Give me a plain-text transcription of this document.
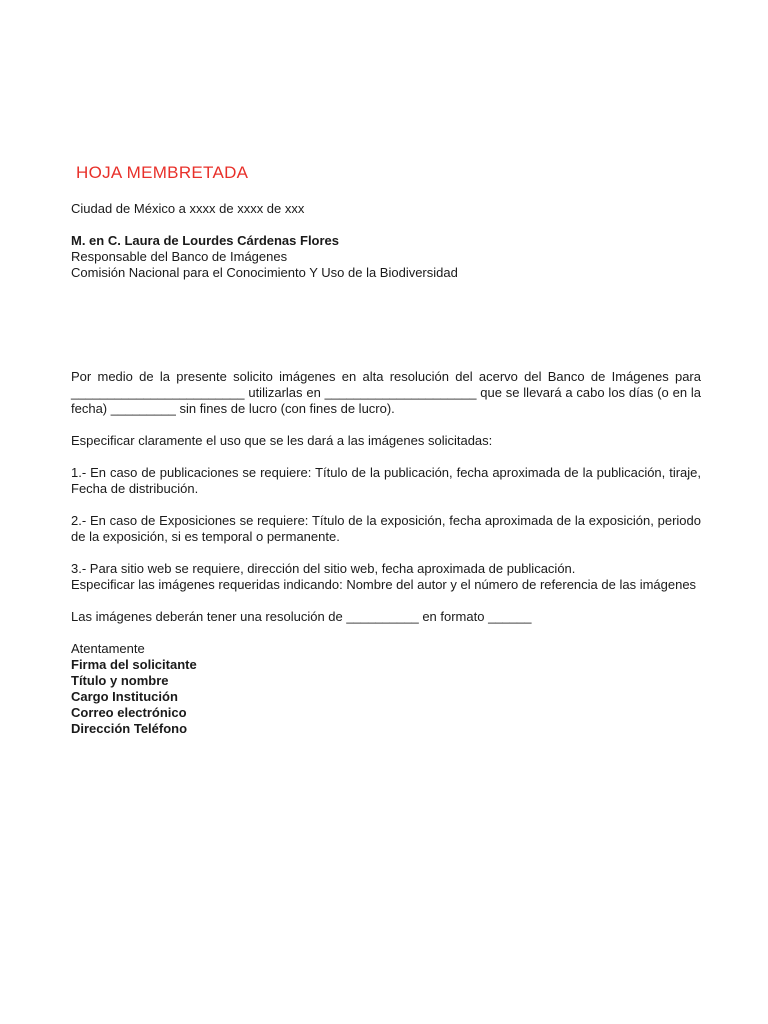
HOJA MEMBRETADA

Ciudad de México a xxxx de xxxx de xxx

M. en C. Laura de Lourdes Cárdenas Flores

Responsable del Banco de Imágenes

Comisión Nacional para el Conocimiento Y Uso de la Biodiversidad

Por medio de la presente solicito imágenes en alta resolución del acervo del Banco de Imágenes para ________________________ utilizarlas en _____________________ que se llevará a cabo los días (o en la fecha) _________ sin fines de lucro (con fines de lucro).

Especificar claramente el uso que se les dará a las imágenes solicitadas:

1.- En caso de publicaciones se requiere: Título de la publicación, fecha aproximada de la publicación, tiraje, Fecha de distribución.

2.- En caso de Exposiciones se requiere: Título de la exposición, fecha aproximada de la exposición, periodo de la exposición, si es temporal o permanente.

3.- Para sitio web se requiere, dirección del sitio web, fecha aproximada de publicación.

Especificar las imágenes requeridas indicando: Nombre del autor y el número de referencia de las imágenes

Las imágenes deberán tener una resolución de __________ en formato ______

Atentamente

Firma del solicitante
Título y nombre
Cargo Institución
Correo electrónico
Dirección Teléfono
